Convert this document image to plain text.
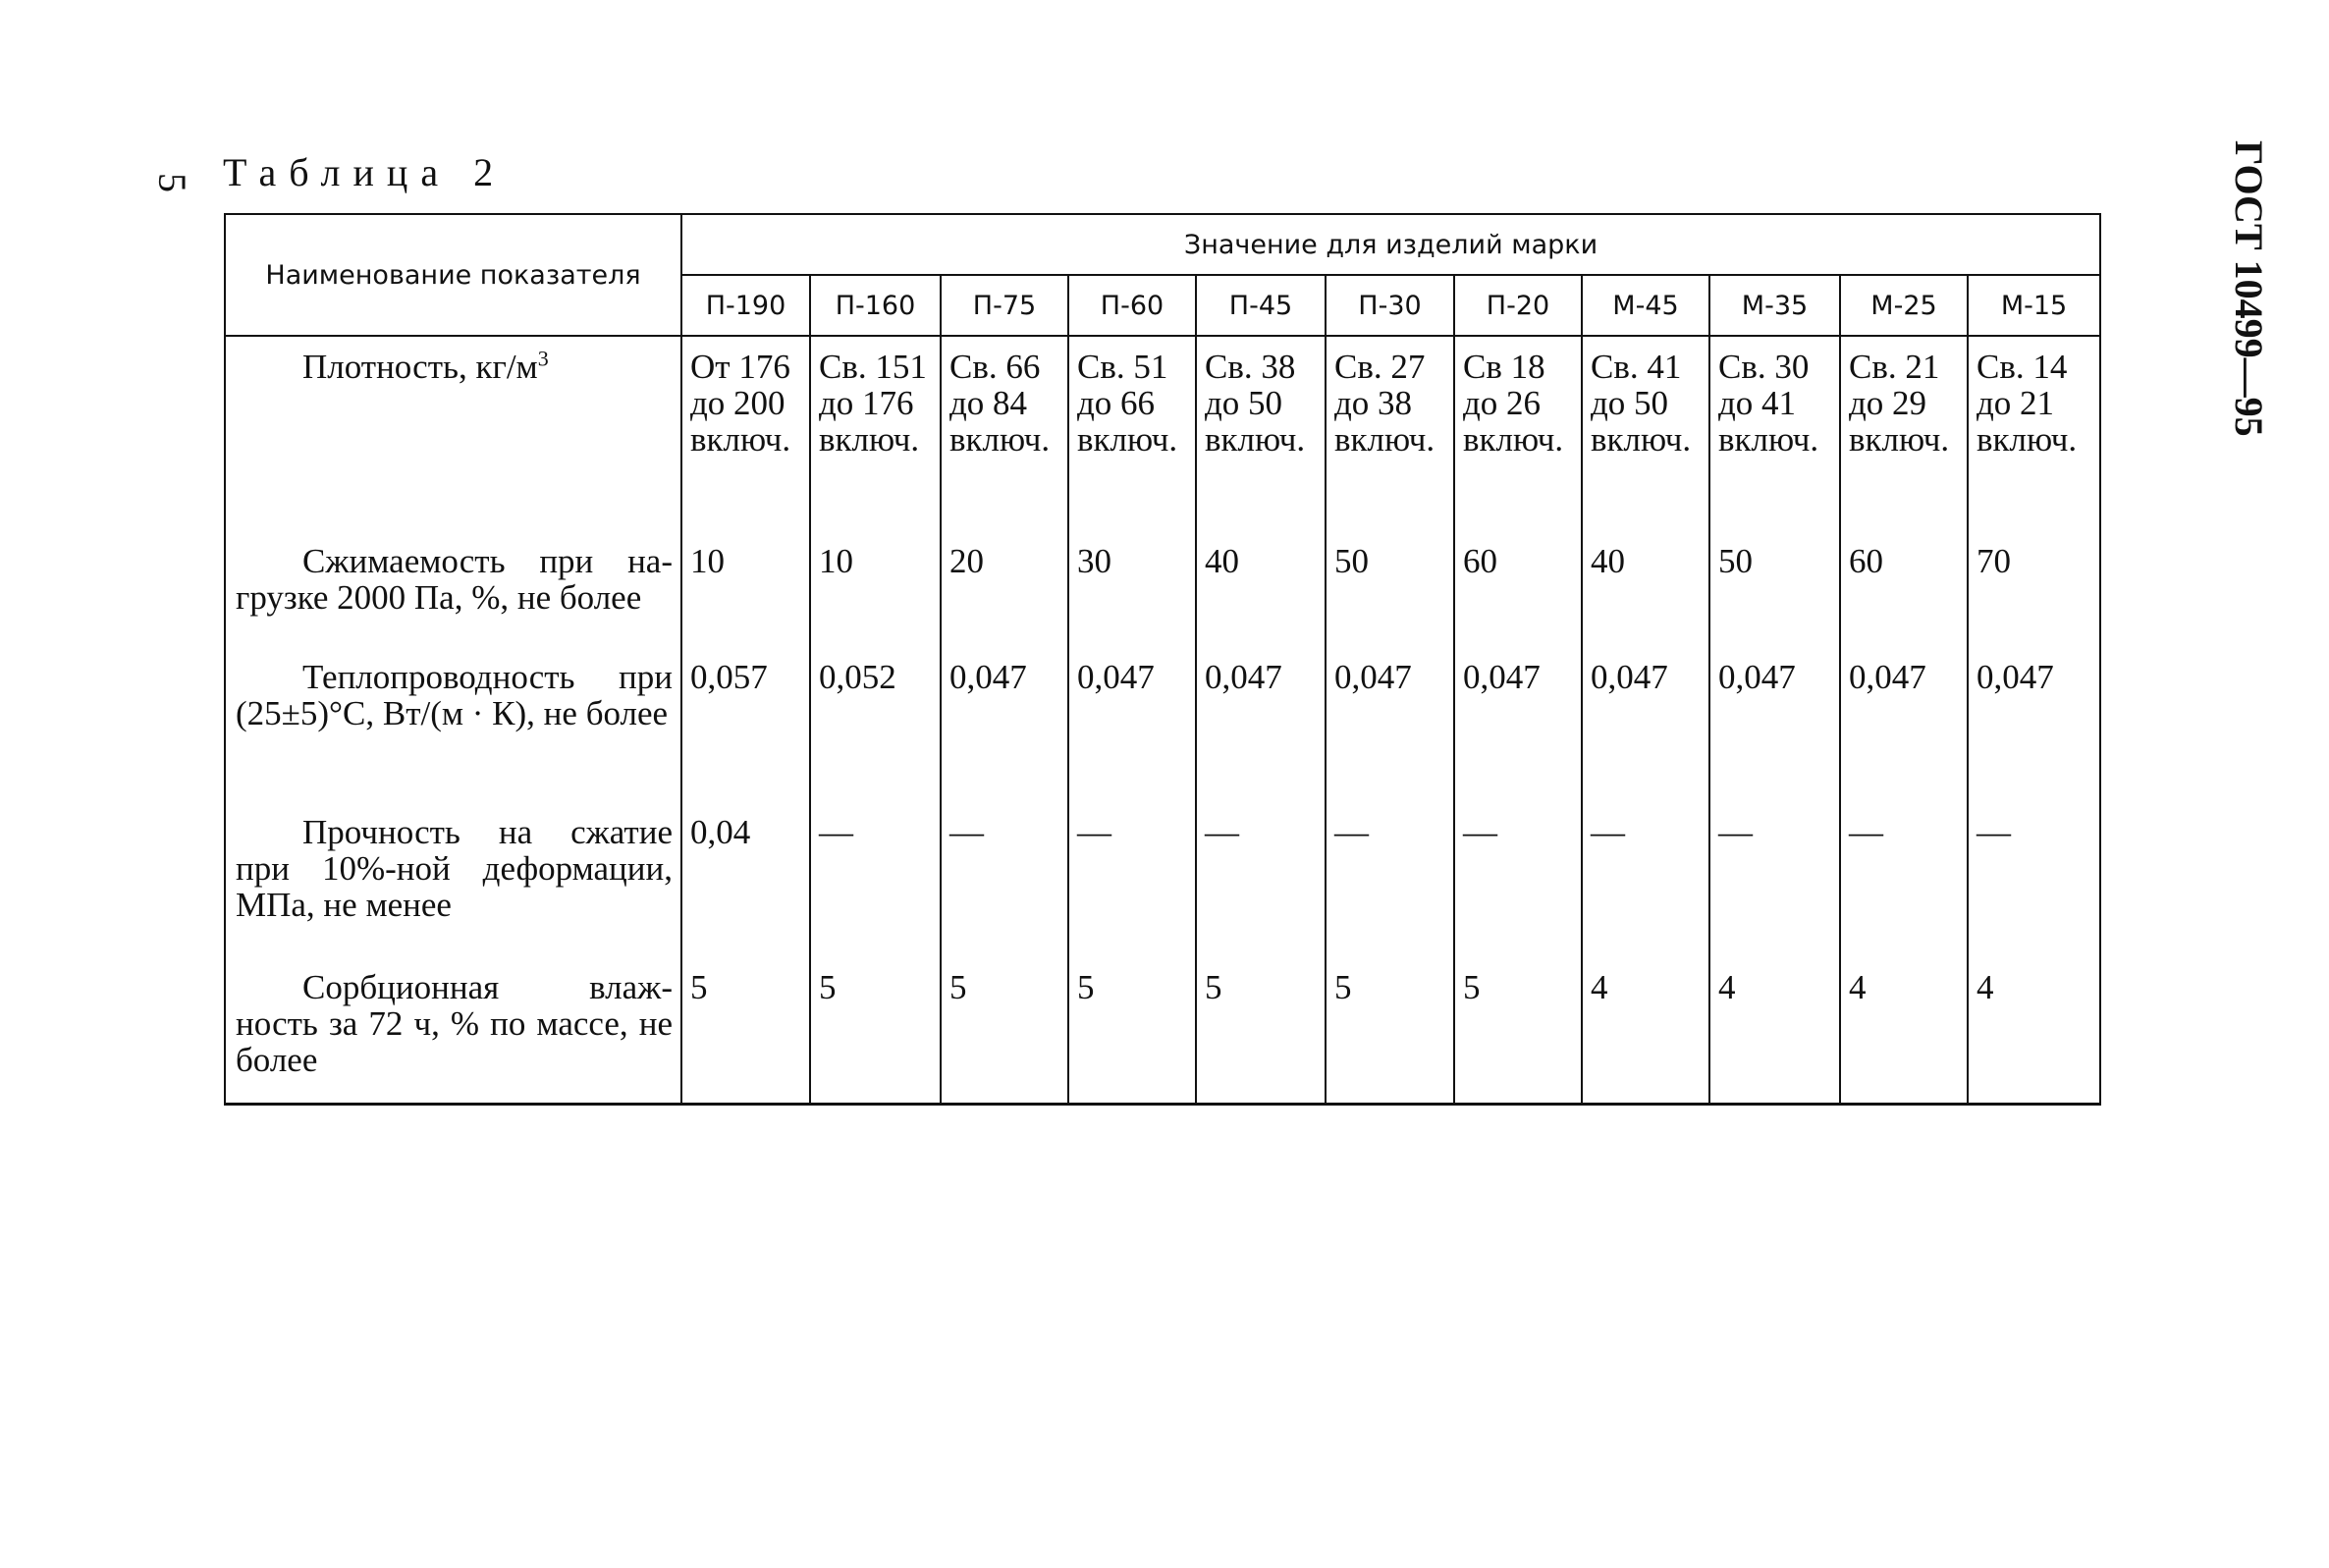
5 Таблица 2	ГОСТ 10499—95
Наименование показателя	Значение для изделий марки										
	П-190	П-160	П-75	П-60	П-45	П-30	П-20	М-45	М-35	М-25	М-15
Плотность, $кг/м^3$	От 176 до 200 включ.	Св. 151 до 176 включ.	Св. 66 до 84 включ.	Св. 51 до 66 включ.	Св. 38 до 50 включ.	Св. 27 до 38 включ.	Св 18 до 26 включ.	Св. 41 до 50 включ.	Св. 30 до 41 включ.	Св. 21 до 29 включ.	Св. 14 до 21 включ.
Сжимаемость при на-грузке 2000 Па, %, не более	10	10	20	30	40	50	60	40	50	60	70
Теплопроводность при (25±5)°С, Вт/(м · К), не более	0,057	0,052	0,047	0,047	0,047	0,047	0,047	0,047	0,047	0,047	0,047
Прочность на сжатие при 10%-ной деформации, МПа, не менее	0,04	—	—	—	—	—	—	—	—	—	—
Сорбционная влаж-ность за 72 ч, % по массе, не более	5	5	5	5	5	5	5	4	4	4	4
